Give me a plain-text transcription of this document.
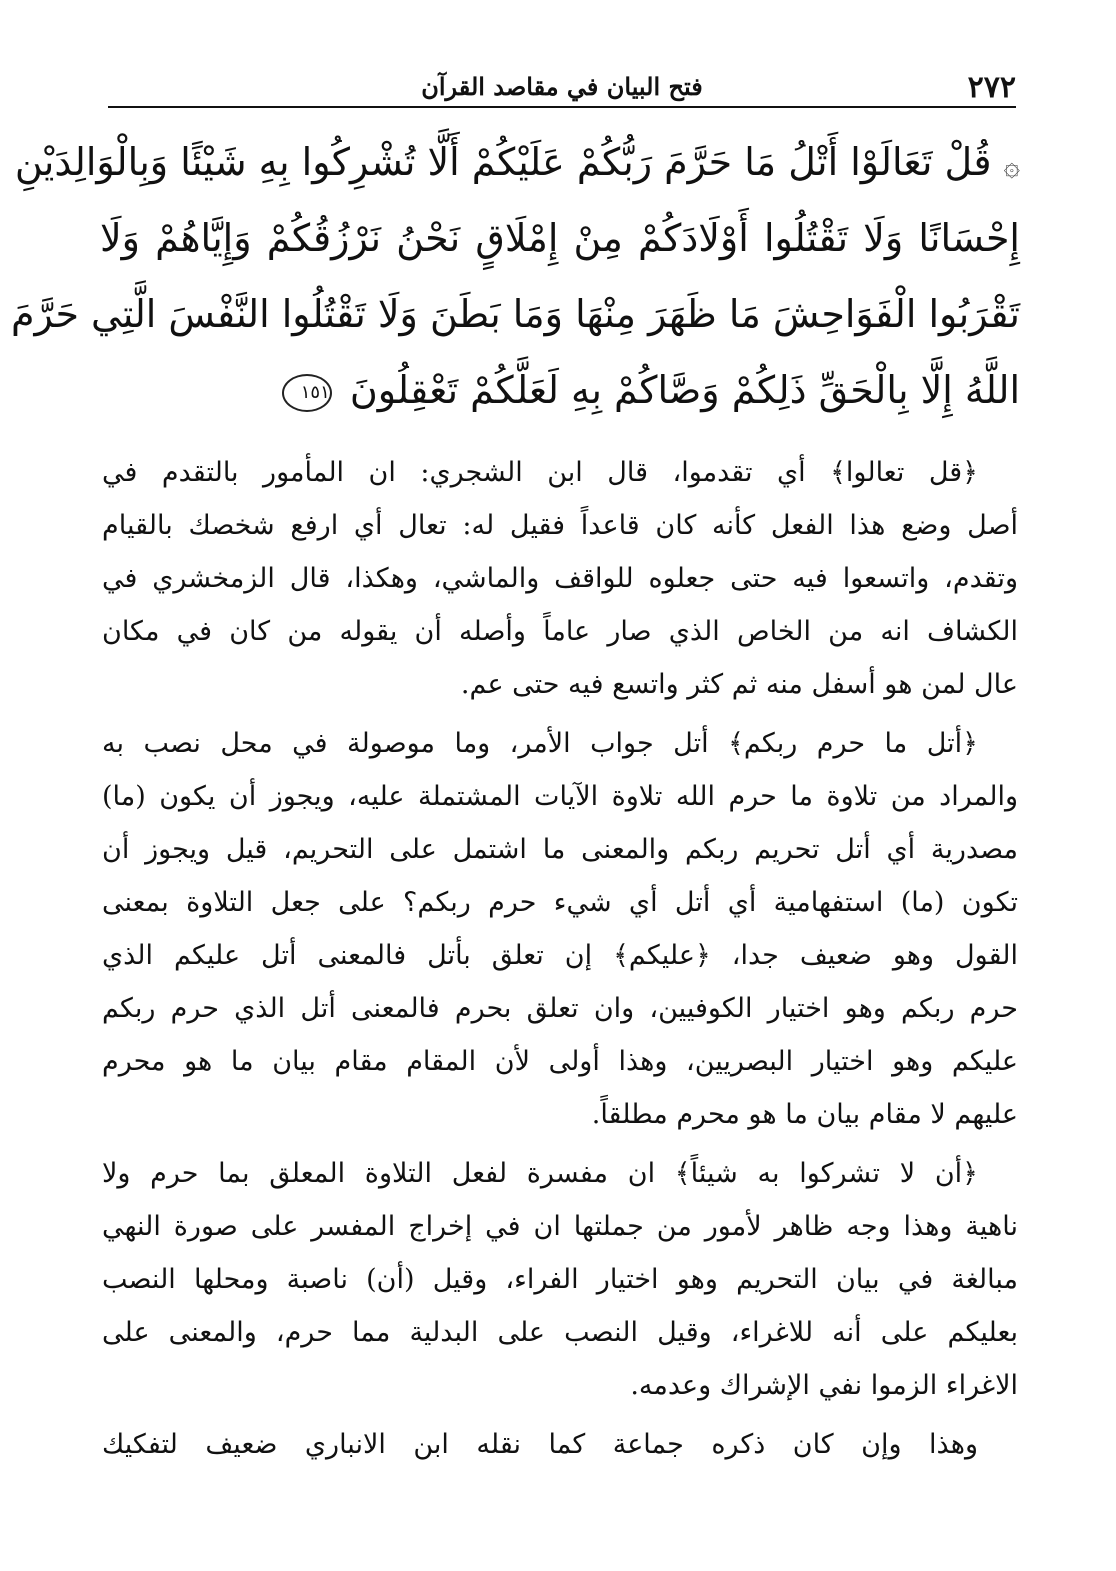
٢٧٢
فتح البيان في مقاصد القرآن
۞ قُلْ تَعَالَوْا أَتْلُ مَا حَرَّمَ رَبُّكُمْ عَلَيْكُمْ أَلَّا تُشْرِكُوا بِهِ شَيْئًا وَبِالْوَالِدَيْنِ
إِحْسَانًا وَلَا تَقْتُلُوا أَوْلَادَكُمْ مِنْ إِمْلَاقٍ نَحْنُ نَرْزُقُكُمْ وَإِيَّاهُمْ وَلَا
تَقْرَبُوا الْفَوَاحِشَ مَا ظَهَرَ مِنْهَا وَمَا بَطَنَ وَلَا تَقْتُلُوا النَّفْسَ الَّتِي حَرَّمَ
اللَّهُ إِلَّا بِالْحَقِّ ذَلِكُمْ وَصَّاكُمْ بِهِ لَعَلَّكُمْ تَعْقِلُونَ ١٥١
﴿قل تعالوا﴾ أي تقدموا، قال ابن الشجري: ان المأمور بالتقدم في
أصل وضع هذا الفعل كأنه كان قاعداً فقيل له: تعال أي ارفع شخصك بالقيام
وتقدم، واتسعوا فيه حتى جعلوه للواقف والماشي، وهكذا، قال الزمخشري في
الكشاف انه من الخاص الذي صار عاماً وأصله أن يقوله من كان في مكان
عال لمن هو أسفل منه ثم كثر واتسع فيه حتى عم.
﴿أتل ما حرم ربكم﴾ أتل جواب الأمر، وما موصولة في محل نصب به
والمراد من تلاوة ما حرم الله تلاوة الآيات المشتملة عليه، ويجوز أن يكون (ما)
مصدرية أي أتل تحريم ربكم والمعنى ما اشتمل على التحريم، قيل ويجوز أن
تكون (ما) استفهامية أي أتل أي شيء حرم ربكم؟ على جعل التلاوة بمعنى
القول وهو ضعيف جدا، ﴿عليكم﴾ إن تعلق بأتل فالمعنى أتل عليكم الذي
حرم ربكم وهو اختيار الكوفيين، وان تعلق بحرم فالمعنى أتل الذي حرم ربكم
عليكم وهو اختيار البصريين، وهذا أولى لأن المقام مقام بيان ما هو محرم
عليهم لا مقام بيان ما هو محرم مطلقاً.
﴿أن لا تشركوا به شيئاً﴾ ان مفسرة لفعل التلاوة المعلق بما حرم ولا
ناهية وهذا وجه ظاهر لأمور من جملتها ان في إخراج المفسر على صورة النهي
مبالغة في بيان التحريم وهو اختيار الفراء، وقيل (أن) ناصبة ومحلها النصب
بعليكم على أنه للاغراء، وقيل النصب على البدلية مما حرم، والمعنى على
الاغراء الزموا نفي الإشراك وعدمه.
وهذا وإن كان ذكره جماعة كما نقله ابن الانباري ضعيف لتفكيك
